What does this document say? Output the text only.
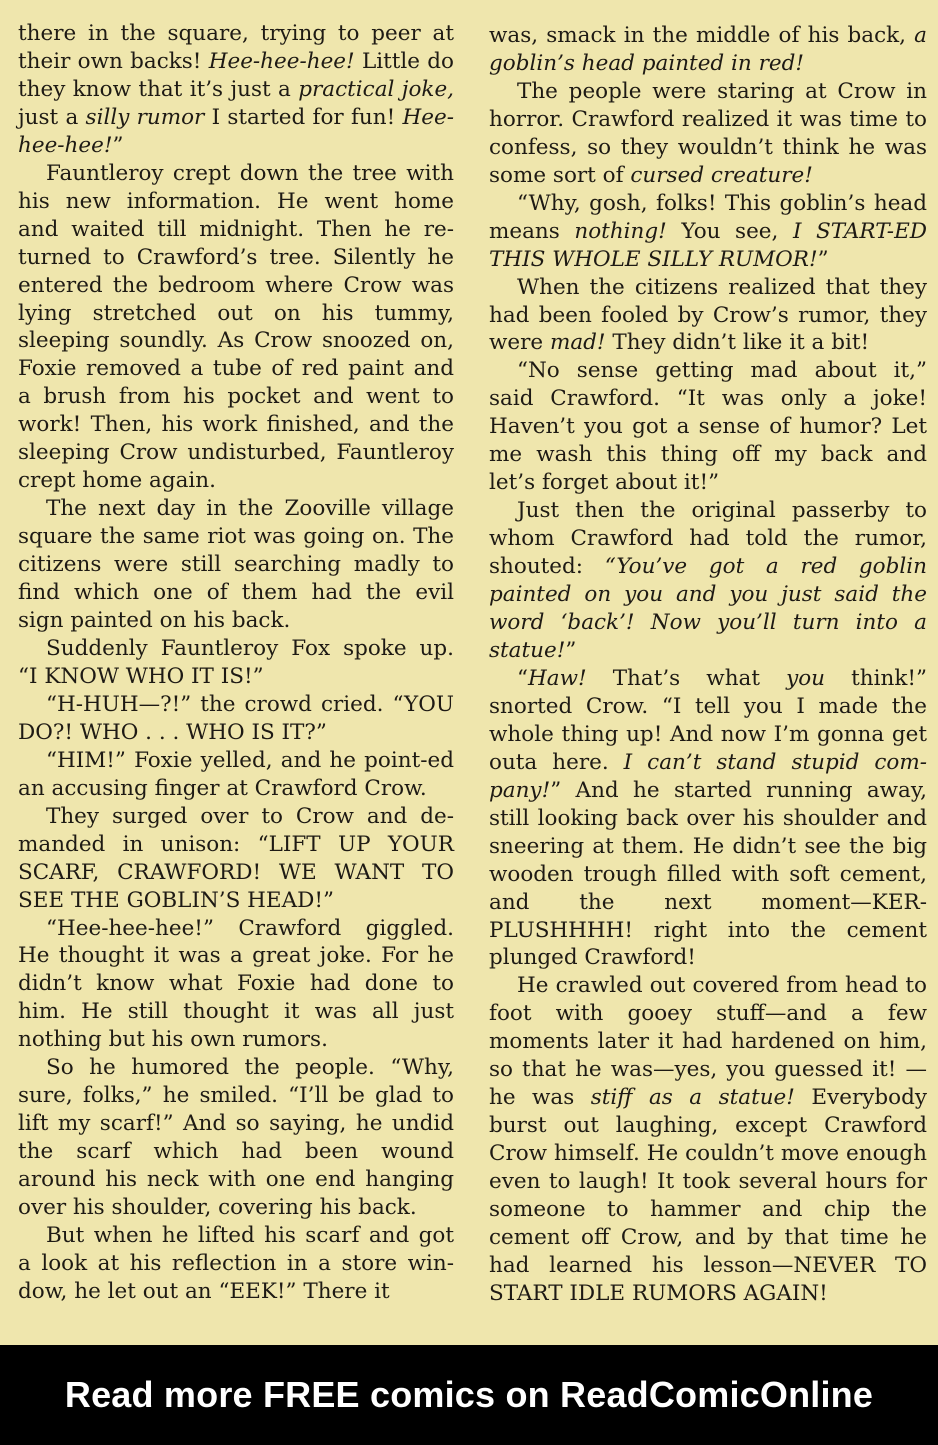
there in the square, trying to peer at their own backs! Hee-hee-hee! Little do they know that it’s just a practical joke, just a silly rumor I started for fun! Hee-hee-hee!”

Fauntleroy crept down the tree with his new information. He went home and waited till midnight. Then he re-turned to Crawford’s tree. Silently he entered the bedroom where Crow was lying stretched out on his tummy, sleeping soundly. As Crow snoozed on, Foxie removed a tube of red paint and a brush from his pocket and went to work! Then, his work finished, and the sleeping Crow undisturbed, Fauntleroy crept home again.

The next day in the Zooville village square the same riot was going on. The citizens were still searching madly to find which one of them had the evil sign painted on his back.

Suddenly Fauntleroy Fox spoke up. “I KNOW WHO IT IS!”

“H-HUH—?!” the crowd cried. “YOU DO?! WHO . . . WHO IS IT?”

“HIM!” Foxie yelled, and he point-ed an accusing finger at Crawford Crow.

They surged over to Crow and de-manded in unison: “LIFT UP YOUR SCARF, CRAWFORD! WE WANT TO SEE THE GOBLIN’S HEAD!”

“Hee-hee-hee!” Crawford giggled. He thought it was a great joke. For he didn’t know what Foxie had done to him. He still thought it was all just nothing but his own rumors.

So he humored the people. “Why, sure, folks,” he smiled. “I’ll be glad to lift my scarf!” And so saying, he undid the scarf which had been wound around his neck with one end hanging over his shoulder, covering his back.

But when he lifted his scarf and got a look at his reflection in a store win-dow, he let out an “EEK!” There it

was, smack in the middle of his back, a goblin’s head painted in red!

The people were staring at Crow in horror. Crawford realized it was time to confess, so they wouldn’t think he was some sort of cursed creature!

“Why, gosh, folks! This goblin’s head means nothing! You see, I START-ED THIS WHOLE SILLY RUMOR!”

When the citizens realized that they had been fooled by Crow’s rumor, they were mad! They didn’t like it a bit!

“No sense getting mad about it,” said Crawford. “It was only a joke! Haven’t you got a sense of humor? Let me wash this thing off my back and let’s forget about it!”

Just then the original passerby to whom Crawford had told the rumor, shouted: “You’ve got a red goblin painted on you and you just said the word ‘back’! Now you’ll turn into a statue!”

“Haw! That’s what you think!” snorted Crow. “I tell you I made the whole thing up! And now I’m gonna get outa here. I can’t stand stupid com-pany!” And he started running away, still looking back over his shoulder and sneering at them. He didn’t see the big wooden trough filled with soft cement, and the next moment—KER-PLUSHHHH! right into the cement plunged Crawford!

He crawled out covered from head to foot with gooey stuff—and a few moments later it had hardened on him, so that he was—yes, you guessed it! —he was stiff as a statue! Everybody burst out laughing, except Crawford Crow himself. He couldn’t move enough even to laugh! It took several hours for someone to hammer and chip the cement off Crow, and by that time he had learned his lesson—NEVER TO START IDLE RUMORS AGAIN!

Read more FREE comics on ReadComicOnline
